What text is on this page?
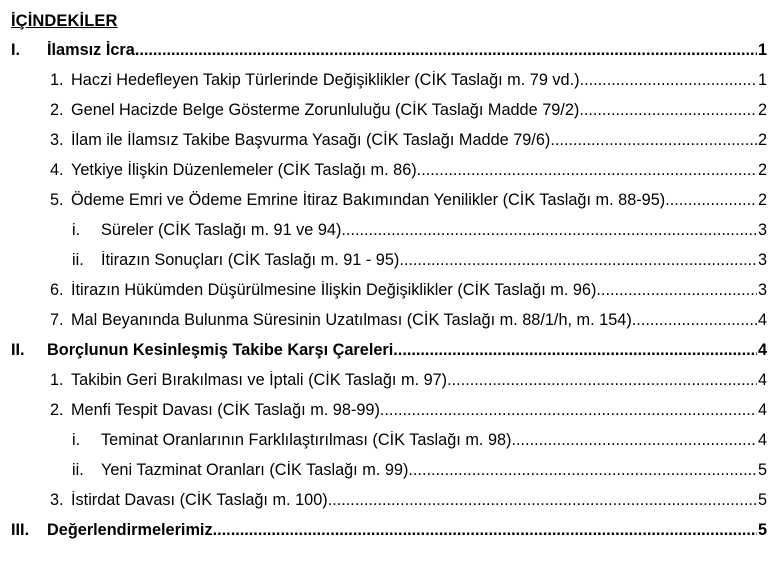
İÇİNDEKİLER
I.	İlamsız İcra .....	1
1. Haczi Hedefleyen Takip Türlerinde Değişiklikler (CİK Taslağı m. 79 vd.) .....	1
2. Genel Hacizde Belge Gösterme Zorunluluğu (CİK Taslağı Madde 79/2) .....	2
3. İlam ile İlamsız Takibe Başvurma Yasağı (CİK Taslağı Madde 79/6) .....	2
4. Yetkiye İlişkin Düzenlemeler (CİK Taslağı m. 86) .....	2
5. Ödeme Emri ve Ödeme Emrine İtiraz Bakımından Yenilikler (CİK Taslağı m. 88-95) .....	2
i.	Süreler (CİK Taslağı m. 91 ve 94) .....	3
ii.	İtirazın Sonuçları (CİK Taslağı m. 91 - 95) .....	3
6. İtirazın Hükümden Düşürülmesine İlişkin Değişiklikler (CİK Taslağı m. 96) .....	3
7. Mal Beyanında Bulunma Süresinin Uzatılması (CİK Taslağı m. 88/1/h, m. 154) .....	4
II.	Borçlunun Kesinleşmiş Takibe Karşı Çareleri .....	4
1. Takibin Geri Bırakılması ve İptali (CİK Taslağı m. 97) .....	4
2. Menfi Tespit Davası (CİK Taslağı m. 98-99) .....	4
i.	Teminat Oranlarının Farklılaştırılması (CİK Taslağı m. 98) .....	4
ii.	Yeni Tazminat Oranları (CİK Taslağı m. 99) .....	5
3. İstirdat Davası (CİK Taslağı m. 100) .....	5
III.	Değerlendirmelerimiz .....	5
